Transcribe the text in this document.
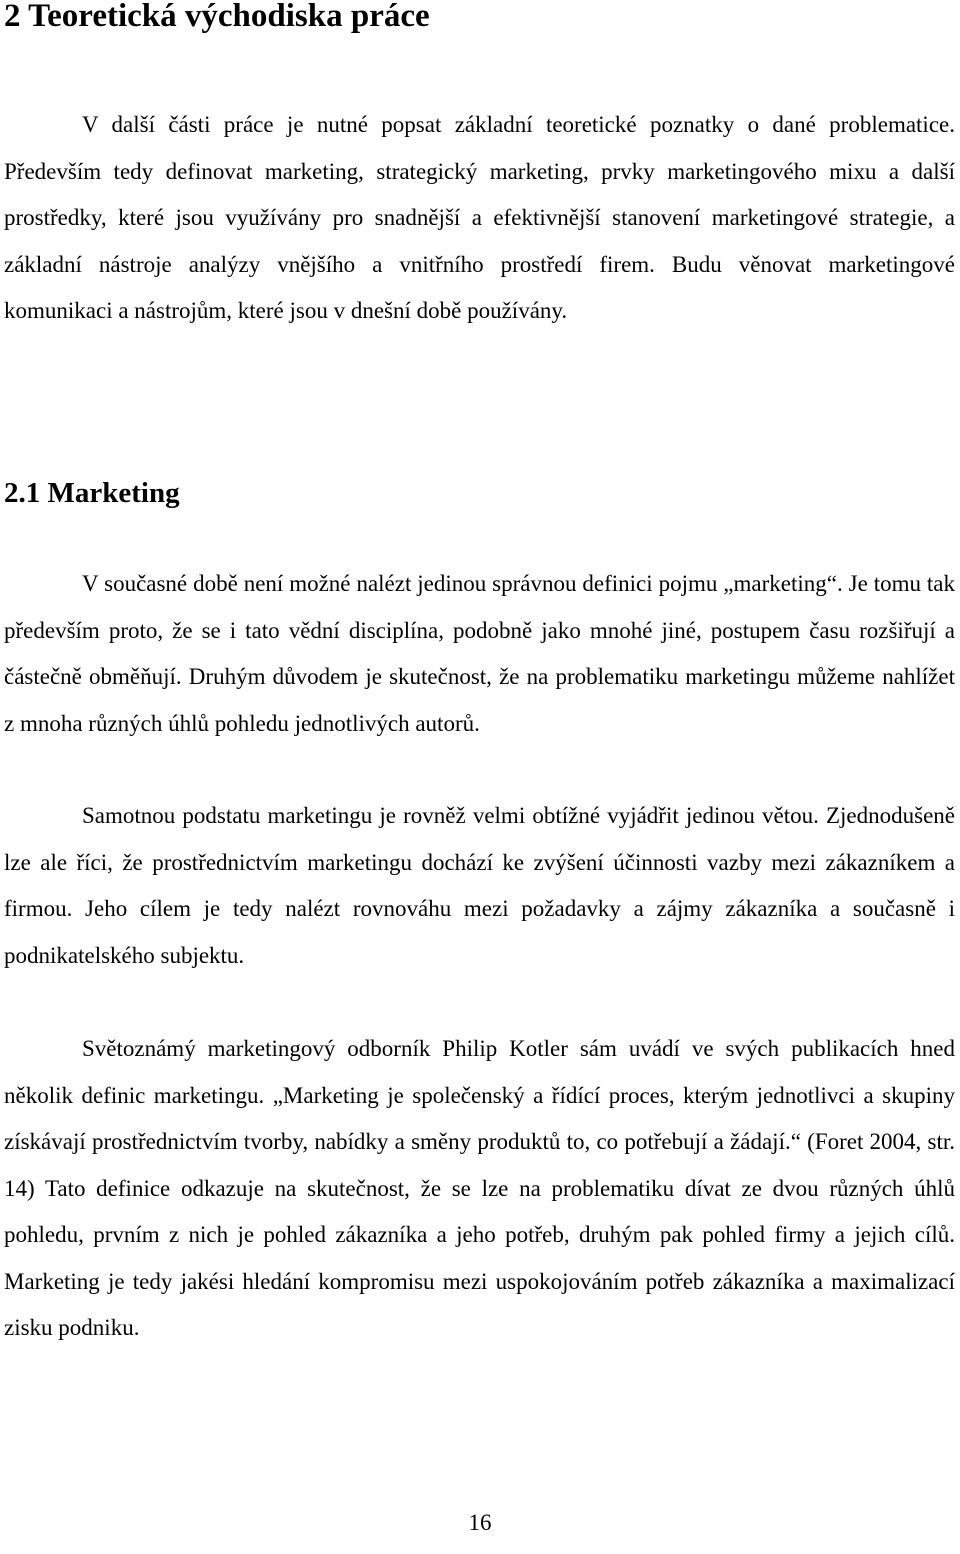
2 Teoretická východiska práce

V další části práce je nutné popsat základní teoretické poznatky o dané problematice. Především tedy definovat marketing, strategický marketing, prvky marketingového mixu a další prostředky, které jsou využívány pro snadnější a efektivnější stanovení marketingové strategie, a základní nástroje analýzy vnějšího a vnitřního prostředí firem. Budu věnovat marketingové komunikaci a nástrojům, které jsou v dnešní době používány.

2.1 Marketing

V současné době není možné nalézt jedinou správnou definici pojmu „marketing“. Je tomu tak především proto, že se i tato vědní disciplína, podobně jako mnohé jiné, postupem času rozšiřují a částečně obměňují. Druhým důvodem je skutečnost, že na problematiku marketingu můžeme nahlížet z mnoha různých úhlů pohledu jednotlivých autorů.

Samotnou podstatu marketingu je rovněž velmi obtížné vyjádřit jedinou větou. Zjednodušeně lze ale říci, že prostřednictvím marketingu dochází ke zvýšení účinnosti vazby mezi zákazníkem a firmou. Jeho cílem je tedy nalézt rovnováhu mezi požadavky a zájmy zákazníka a současně i podnikatelského subjektu.

Světoznámý marketingový odborník Philip Kotler sám uvádí ve svých publikacích hned několik definic marketingu. „Marketing je společenský a řídící proces, kterým jednotlivci a skupiny získávají prostřednictvím tvorby, nabídky a směny produktů to, co potřebují a žádají.“ (Foret 2004, str. 14) Tato definice odkazuje na skutečnost, že se lze na problematiku dívat ze dvou různých úhlů pohledu, prvním z nich je pohled zákazníka a jeho potřeb, druhým pak pohled firmy a jejich cílů. Marketing je tedy jakési hledání kompromisu mezi uspokojováním potřeb zákazníka a maximalizací zisku podniku.

16
